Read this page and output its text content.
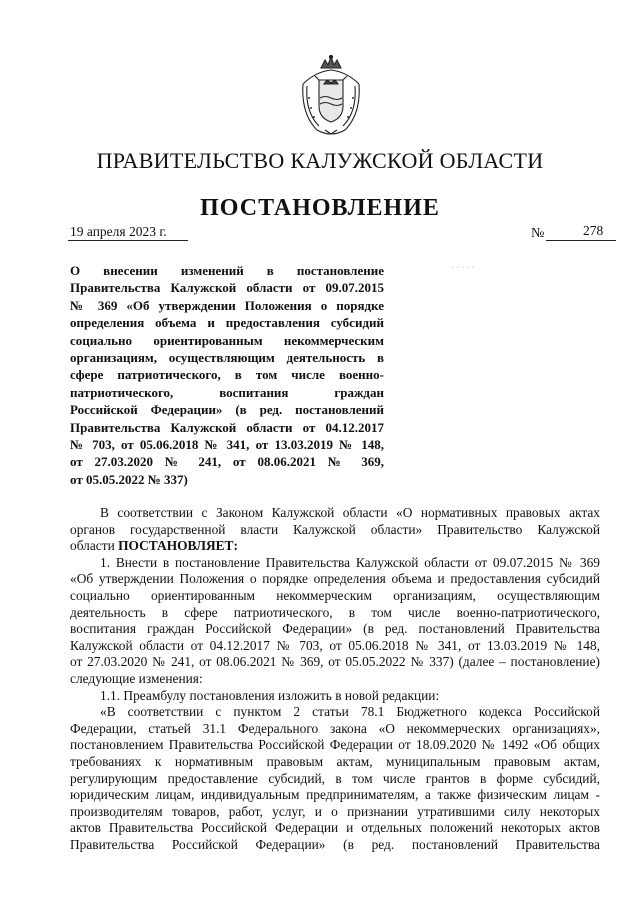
ПРАВИТЕЛЬСТВО КАЛУЖСКОЙ ОБЛАСТИ
ПОСТАНОВЛЕНИЕ
19 апреля 2023 г.	№	278
О внесении изменений в постановление
Правительства Калужской области от 09.07.2015
№ 369 «Об утверждении Положения о порядке
определения объема и предоставления субсидий
социально ориентированным некоммерческим
организациям, осуществляющим деятельность в
сфере патриотического, в том числе военно-
патриотического, воспитания граждан
Российской Федерации» (в ред. постановлений
Правительства Калужской области от 04.12.2017
№ 703, от 05.06.2018 № 341, от 13.03.2019 № 148,
от 27.03.2020 № 241, от 08.06.2021 № 369,
от 05.05.2022 № 337)
В соответствии с Законом Калужской области «О нормативных правовых актах
органов государственной власти Калужской области» Правительство Калужской
области ПОСТАНОВЛЯЕТ:
1. Внести в постановление Правительства Калужской области от 09.07.2015 № 369
«Об утверждении Положения о порядке определения объема и предоставления субсидий
социально ориентированным некоммерческим организациям, осуществляющим
деятельность в сфере патриотического, в том числе военно-патриотического,
воспитания граждан Российской Федерации» (в ред. постановлений Правительства
Калужской области от 04.12.2017 № 703, от 05.06.2018 № 341, от 13.03.2019 № 148,
от 27.03.2020 № 241, от 08.06.2021 № 369, от 05.05.2022 № 337) (далее – постановление)
следующие изменения:
1.1. Преамбулу постановления изложить в новой редакции:
«В соответствии с пунктом 2 статьи 78.1 Бюджетного кодекса Российской
Федерации, статьей 31.1 Федерального закона «О некоммерческих организациях»,
постановлением Правительства Российской Федерации от 18.09.2020 № 1492 «Об общих
требованиях к нормативным правовым актам, муниципальным правовым актам,
регулирующим предоставление субсидий, в том числе грантов в форме субсидий,
юридическим лицам, индивидуальным предпринимателям, а также физическим лицам -
производителям товаров, работ, услуг, и о признании утратившими силу некоторых
актов Правительства Российской Федерации и отдельных положений некоторых актов
Правительства Российской Федерации» (в ред. постановлений Правительства
